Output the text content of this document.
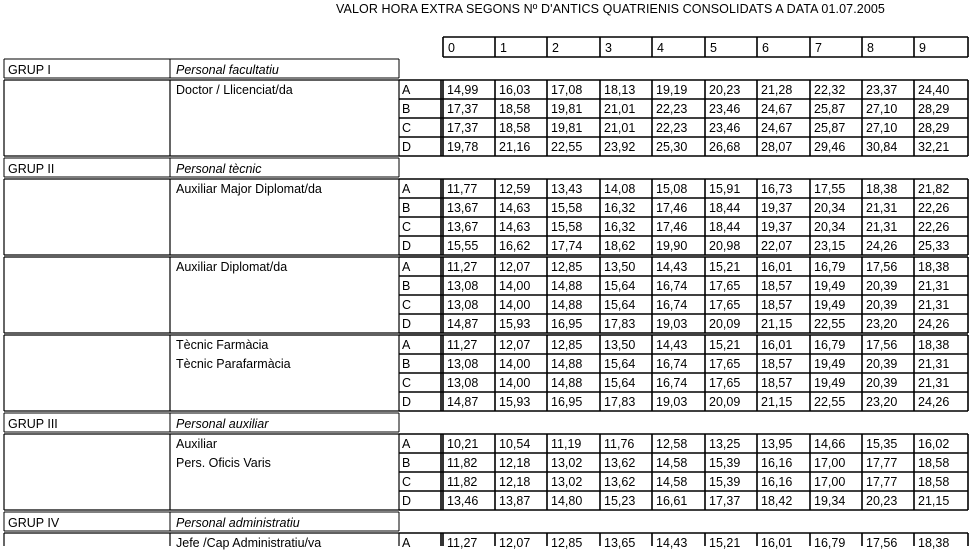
VALOR HORA EXTRA SEGONS Nº D'ANTICS QUATRIENIS CONSOLIDATS A DATA 01.07.2005
0	1	2	3	4	5	6	7	8	9
GRUP I	Personal facultatiu
Doctor / Llicenciat/da	A	14,99 16,03 17,08 18,13 19,19 20,23 21,28 22,32 23,37 24,40
B	17,37 18,58 19,81 21,01 22,23 23,46 24,67 25,87 27,10 28,29
C	17,37 18,58 19,81 21,01 22,23 23,46 24,67 25,87 27,10 28,29
D	19,78 21,16 22,55 23,92 25,30 26,68 28,07 29,46 30,84 32,21
GRUP II	Personal tècnic
Auxiliar Major Diplomat/da	A	11,77 12,59 13,43 14,08 15,08 15,91 16,73 17,55 18,38 21,82
B	13,67 14,63 15,58 16,32 17,46 18,44 19,37 20,34 21,31 22,26
C	13,67 14,63 15,58 16,32 17,46 18,44 19,37 20,34 21,31 22,26
D	15,55 16,62 17,74 18,62 19,90 20,98 22,07 23,15 24,26 25,33
Auxiliar Diplomat/da	A	11,27 12,07 12,85 13,50 14,43 15,21 16,01 16,79 17,56 18,38
B	13,08 14,00 14,88 15,64 16,74 17,65 18,57 19,49 20,39 21,31
C	13,08 14,00 14,88 15,64 16,74 17,65 18,57 19,49 20,39 21,31
D	14,87 15,93 16,95 17,83 19,03 20,09 21,15 22,55 23,20 24,26
Tècnic Farmàcia
Tècnic Parafarmàcia
A	11,27 12,07 12,85 13,50 14,43 15,21 16,01 16,79 17,56 18,38
B	13,08 14,00 14,88 15,64 16,74 17,65 18,57 19,49 20,39 21,31
C	13,08 14,00 14,88 15,64 16,74 17,65 18,57 19,49 20,39 21,31
D	14,87 15,93 16,95 17,83 19,03 20,09 21,15 22,55 23,20 24,26
GRUP III	Personal auxiliar
Auxiliar
Pers. Oficis Varis
A	10,21 10,54 11,19 11,76 12,58 13,25 13,95 14,66 15,35 16,02
B	11,82 12,18 13,02 13,62 14,58 15,39 16,16 17,00 17,77 18,58
C	11,82 12,18 13,02 13,62 14,58 15,39 16,16 17,00 17,77 18,58
D	13,46 13,87 14,80 15,23 16,61 17,37 18,42 19,34 20,23 21,15
GRUP IV	Personal administratiu
Jefe /Cap Administratiu/va	A	11,27 12,07 12,85 13,65 14,43 15,21 16,01 16,79 17,56 18,38
